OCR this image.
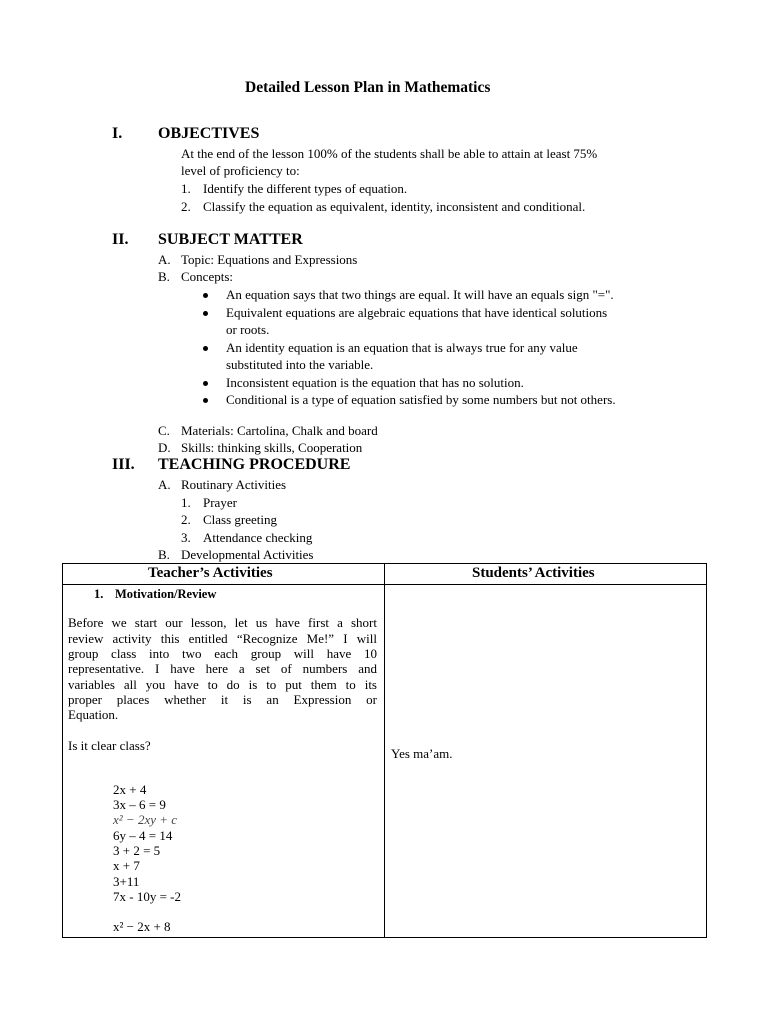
Detailed Lesson Plan in Mathematics
I. OBJECTIVES
At the end of the lesson 100% of the students shall be able to attain at least 75%
level of proficiency to:
1. Identify the different types of equation.
2. Classify the equation as equivalent, identity, inconsistent and conditional.
II. SUBJECT MATTER
A. Topic: Equations and Expressions
B. Concepts:
An equation says that two things are equal. It will have an equals sign "=".
Equivalent equations are algebraic equations that have identical solutions
or roots.
An identity equation is an equation that is always true for any value
substituted into the variable.
Inconsistent equation is the equation that has no solution.
Conditional is a type of equation satisfied by some numbers but not others.
C. Materials: Cartolina, Chalk and board
D. Skills: thinking skills, Cooperation
III. TEACHING PROCEDURE
A. Routinary Activities
1. Prayer
2. Class greeting
3. Attendance checking
B. Developmental Activities
Teacher’s Activities	Students’ Activities
1. Motivation/Review
Before we start our lesson, let us have first a short
review activity this entitled “Recognize Me!” I will
group class into two each group will have 10
representative. I have here a set of numbers and
variables all you have to do is to put them to its
proper places whether it is an Expression or
Equation.
Is it clear class?
Yes ma’am.
2x + 4
3x – 6 = 9
x² − 2xy + c
6y – 4 = 14
3 + 2 = 5
x + 7
3+11
7x - 10y = -2
x² − 2x + 8
